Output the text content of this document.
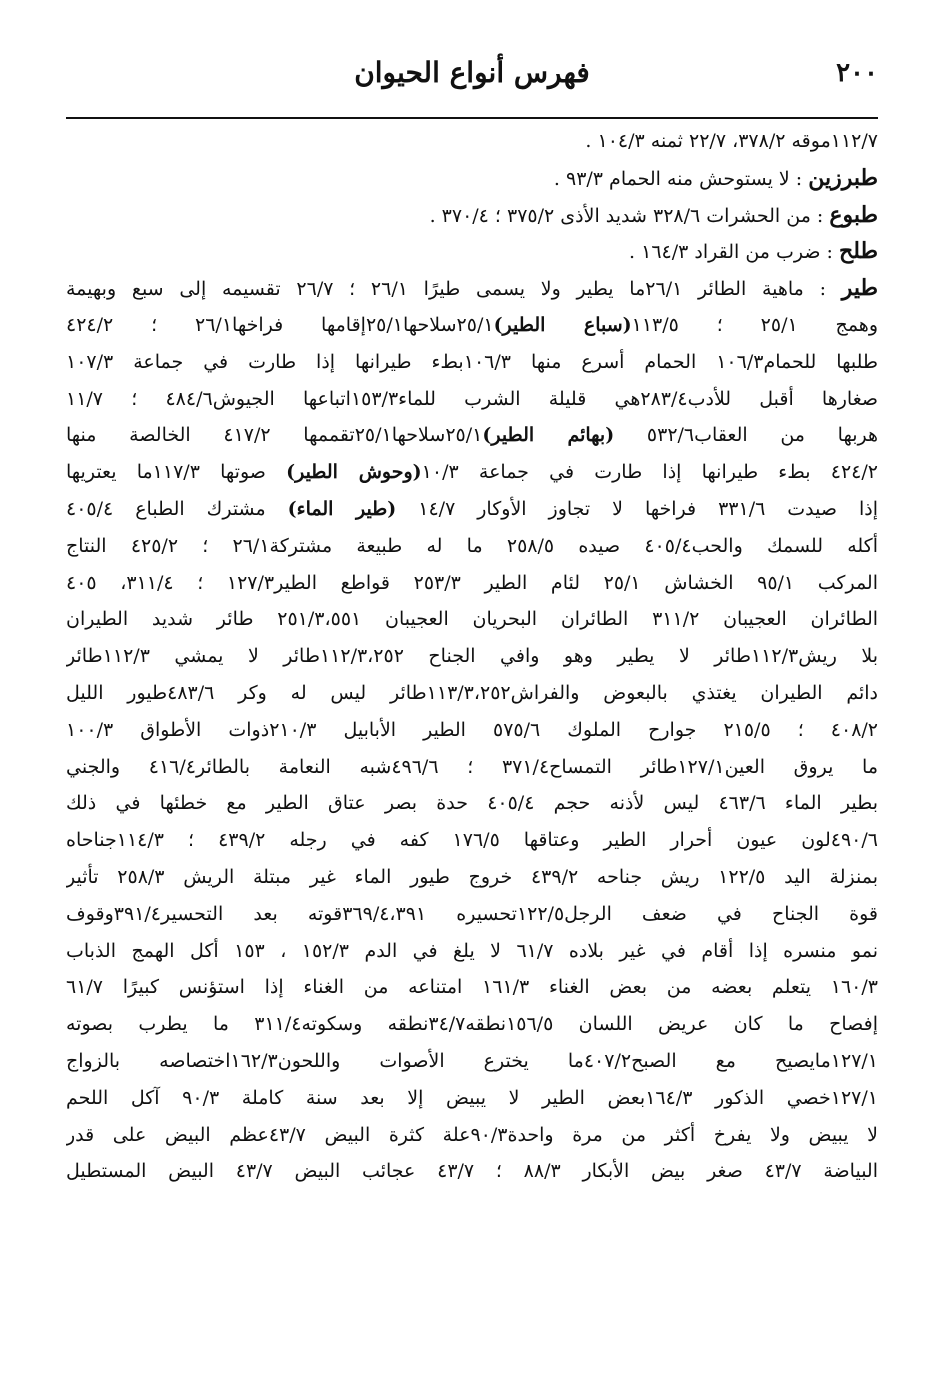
٢٠٠
فهرس أنواع الحيوان
١١٢/٧موقه ٣٧٨/٢، ٢٢/٧ ثمنه ١٠٤/٣ .
طبرزين : لا يستوحش منه الحمام ٩٣/٣ .
طبوع : من الحشرات ٣٢٨/٦ شديد الأذى ٣٧٥/٢ ؛ ٣٧٠/٤ .
طلح : ضرب من القراد ١٦٤/٣ .
طير : ماهية الطائر ٢٦/١ما يطير ولا يسمى طيرًا ٢٦/١ ؛ ٢٦/٧ تقسيمه إلى سبع وبهيمة
وهمج ٢٥/١ ؛ ١١٣/٥(سباع الطير)٢٥/١سلاحها٢٥/١إقامها فراخها٢٦/١ ؛ ٤٢٤/٢
طلبها للحمام١٠٦/٣ الحمام أسرع منها ١٠٦/٣بطء طيرانها إذا طارت في جماعة ١٠٧/٣
صغارها أقبل للأدب٢٨٣/٤هي قليلة الشرب للماء١٥٣/٣اتباعها الجيوش٤٨٤/٦ ؛ ١١/٧
هربها من العقاب٥٣٢/٦ (بهائم الطير)٢٥/١سلاحها٢٥/١تقممها ٤١٧/٢ الخالصة منها
٤٢٤/٢ بطء طيرانها إذا طارت في جماعة ١٠/٣(وحوش الطير) صوتها ١١٧/٣ما يعتريها
إذا صيدت ٣٣١/٦ فراخها لا تجاوز الأوكار ١٤/٧ (طير الماء) مشترك الطباع ٤٠٥/٤
أكله للسمك والحب٤٠٥/٤ صيده ٢٥٨/٥ ما له طبيعة مشتركة٢٦/١ ؛ ٤٢٥/٢ النتاج
المركب ٩٥/١ الخشاش ٢٥/١ لئام الطير ٢٥٣/٣ قواطع الطير١٢٧/٣ ؛ ٣١١/٤، ٤٠٥
الطائران العجيبان ٣١١/٢ الطائران البحريان العجيبان ٢٥١/٣،٥٥١ طائر شديد الطيران
بلا ريش١١٢/٣طائر لا يطير وهو وافي الجناح ١١٢/٣،٢٥٢طائر لا يمشي ١١٢/٣طائر
دائم الطيران يغتذي بالبعوض والفراش١١٣/٣،٢٥٢طائر ليس له وكر ٤٨٣/٦طيور الليل
٤٠٨/٢ ؛ ٢١٥/٥ جوارح الملوك ٥٧٥/٦ الطير الأبابيل ٢١٠/٣ذوات الأطواق ١٠٠/٣
ما يروق العين١٢٧/١طائر التمساح٣٧١/٤ ؛ ٤٩٦/٦شبه النعامة بالطائر٤١٦/٤ والجني
بطير الماء ٤٦٣/٦ ليس لأذنه حجم ٤٠٥/٤ حدة بصر عتاق الطير مع خطئها في ذلك
٤٩٠/٦لون عيون أحرار الطير وعتاقها ١٧٦/٥ كفه في رجله ٤٣٩/٢ ؛ ١١٤/٣جناحاه
بمنزلة اليد ١٢٢/٥ ريش جناحه ٤٣٩/٢ خروج طيور الماء غير مبتلة الريش ٢٥٨/٣ تأثير
قوة الجناح في ضعف الرجل١٢٢/٥تحسيره ٣٦٩/٤،٣٩١قوته بعد التحسير٣٩١/٤وقوف
نمو منسره إذا أقام في غير بلاده ٦١/٧ لا يلغ في الدم ١٥٢/٣ ، ١٥٣ أكل الهمج الذباب
١٦٠/٣ يتعلم بعضه من بعض الغناء ١٦١/٣ امتناعه من الغناء إذا استؤنس كبيرًا ٦١/٧
إفصاح ما كان عريض اللسان ١٥٦/٥نطقه٣٤/٧نطقه وسكوته٣١١/٤ ما يطرب بصوته
١٢٧/١مايصيح مع الصبح٤٠٧/٢ما يخترع الأصوات واللحون١٦٢/٣اختصاصه بالزواج
١٢٧/١خصي الذكور ١٦٤/٣بعض الطير لا يبيض إلا بعد سنة كاملة ٩٠/٣ آكل اللحم
لا يبيض ولا يفرخ أكثر من مرة واحدة٩٠/٣علة كثرة البيض ٤٣/٧عظم البيض على قدر
البياضة ٤٣/٧ صغر بيض الأبكار ٨٨/٣ ؛ ٤٣/٧ عجائب البيض ٤٣/٧ البيض المستطيل
